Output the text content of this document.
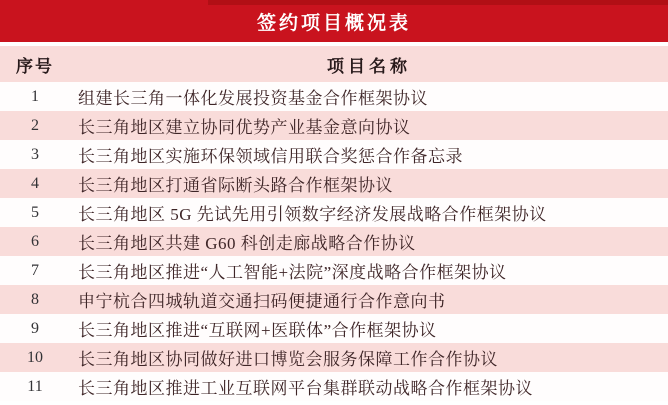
签约项目概况表
序号	项目名称
1	组建长三角一体化发展投资基金合作框架协议
2	长三角地区建立协同优势产业基金意向协议
3	长三角地区实施环保领域信用联合奖惩合作备忘录
4	长三角地区打通省际断头路合作框架协议
5	长三角地区 5G 先试先用引领数字经济发展战略合作框架协议
6	长三角地区共建 G60 科创走廊战略合作协议
7	长三角地区推进“人工智能+法院”深度战略合作框架协议
8	申宁杭合四城轨道交通扫码便捷通行合作意向书
9	长三角地区推进“互联网+医联体”合作框架协议
10	长三角地区协同做好进口博览会服务保障工作合作协议
11	长三角地区推进工业互联网平台集群联动战略合作框架协议
